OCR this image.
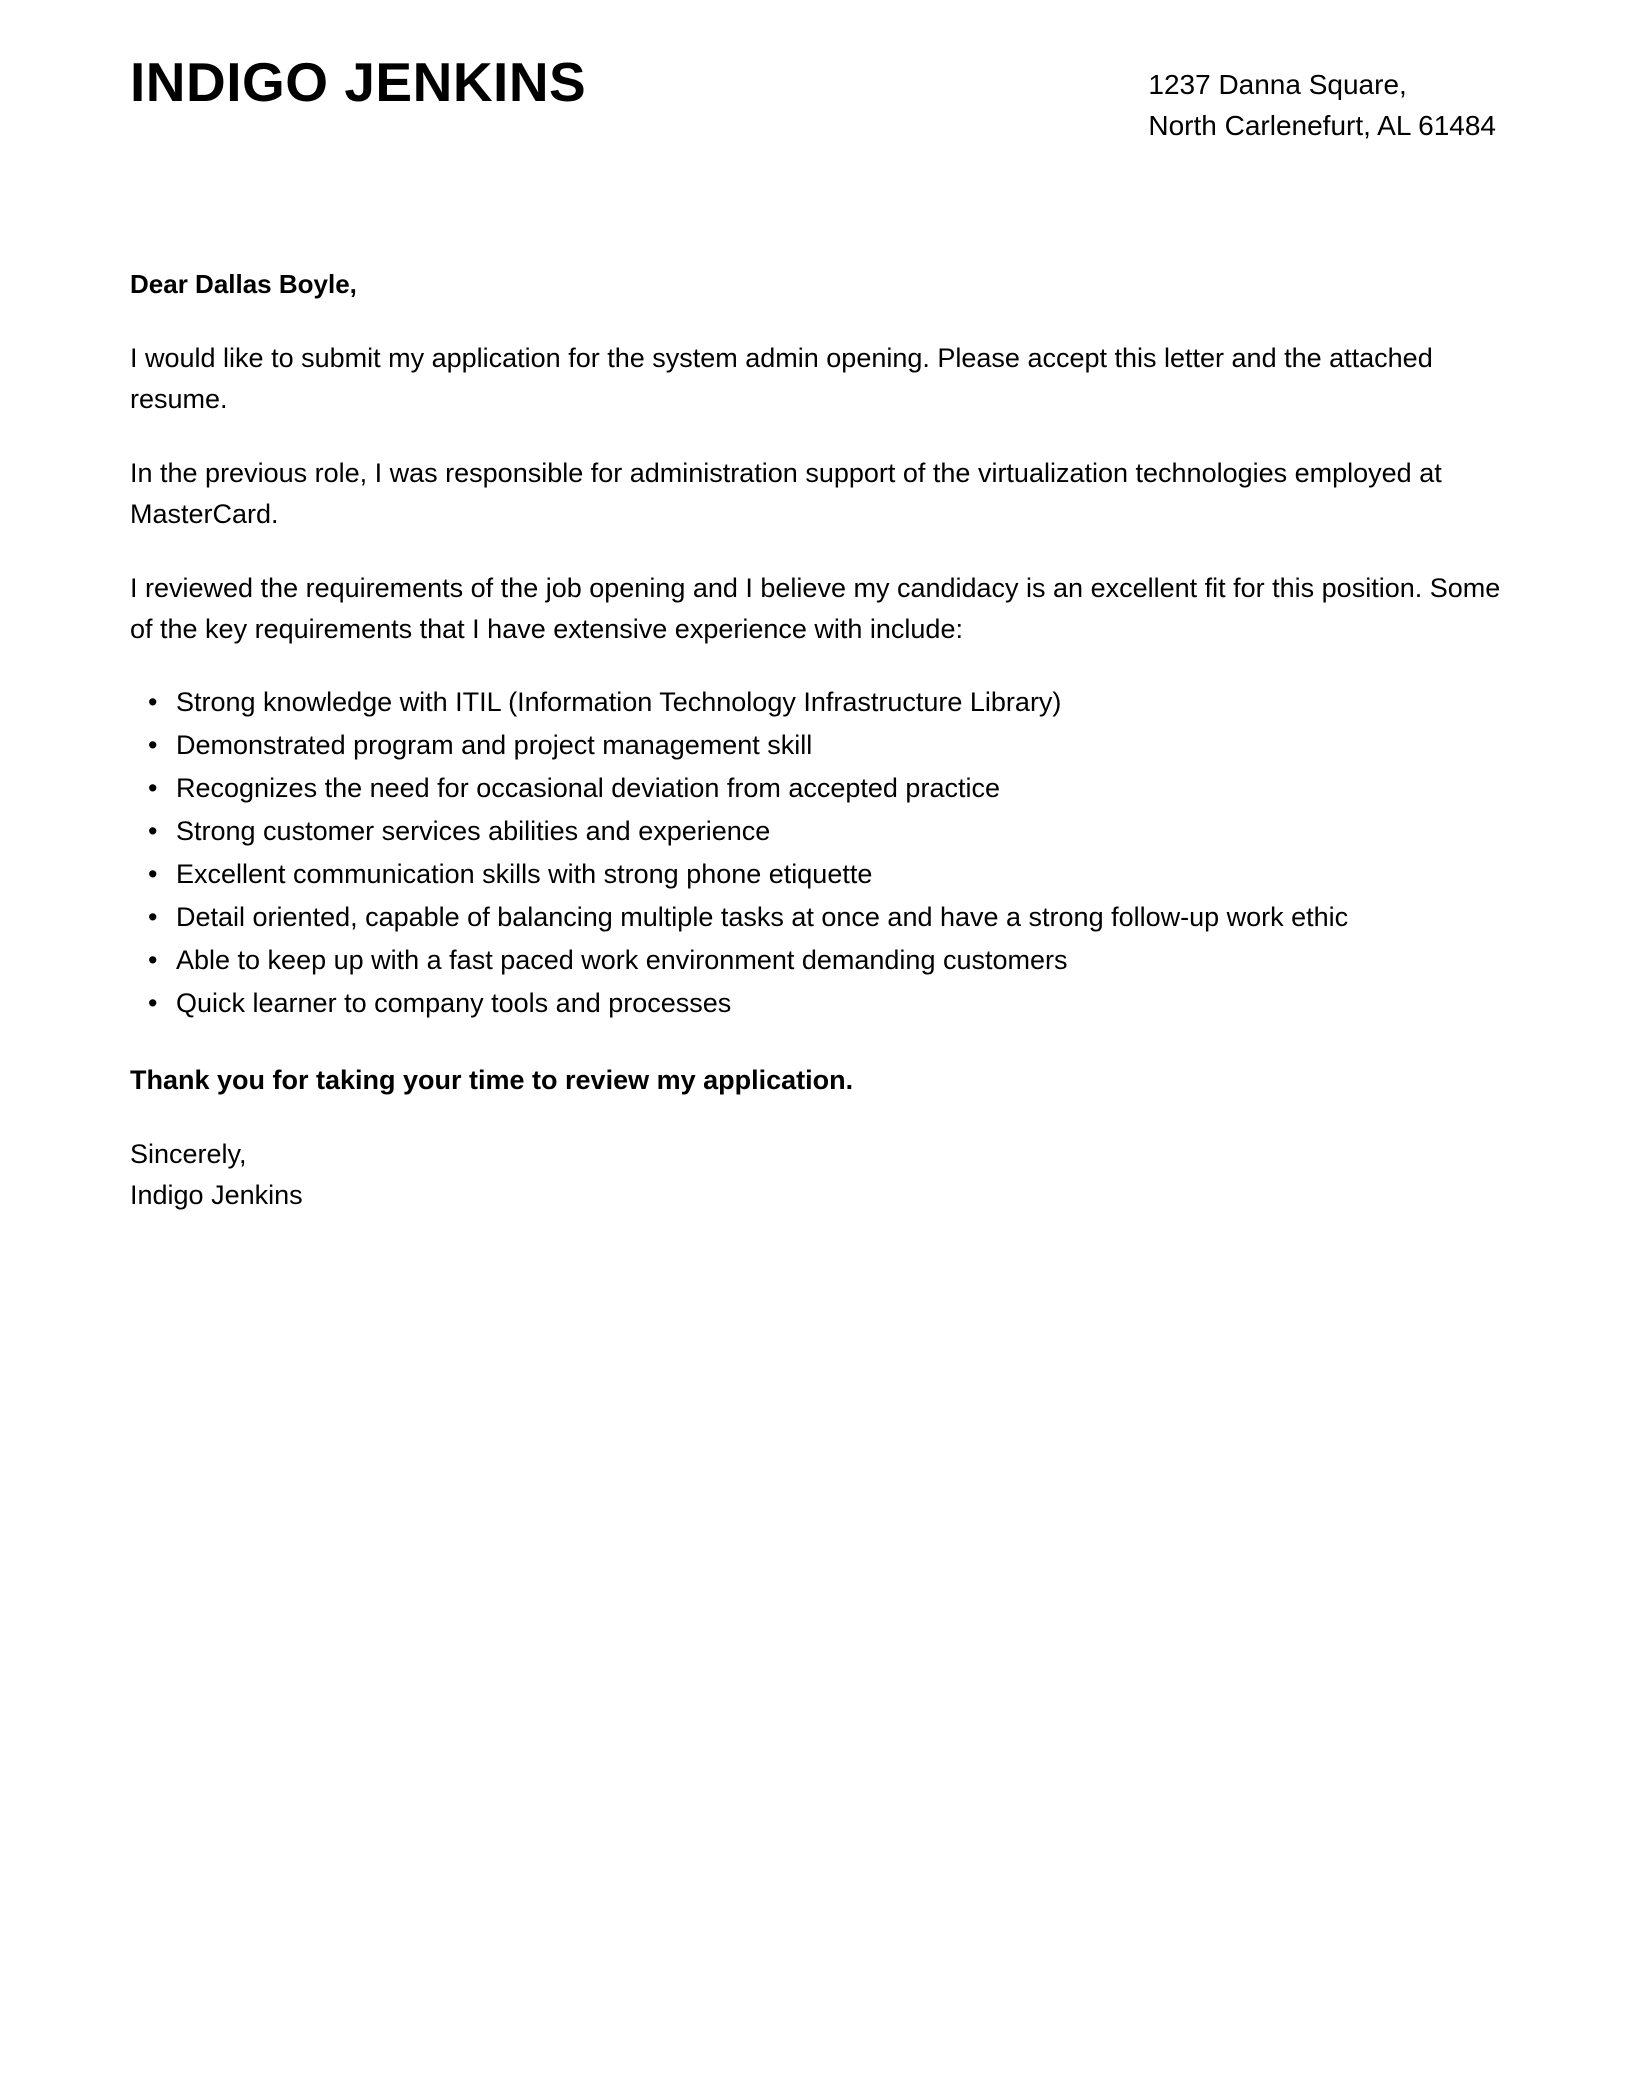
INDIGO JENKINS	1237 Danna Square,
North Carlenefurt, AL 61484

Dear Dallas Boyle,

I would like to submit my application for the system admin opening. Please accept this letter and the attached resume.

In the previous role, I was responsible for administration support of the virtualization technologies employed at MasterCard.

I reviewed the requirements of the job opening and I believe my candidacy is an excellent fit for this position. Some of the key requirements that I have extensive experience with include:

• Strong knowledge with ITIL (Information Technology Infrastructure Library)
• Demonstrated program and project management skill
• Recognizes the need for occasional deviation from accepted practice
• Strong customer services abilities and experience
• Excellent communication skills with strong phone etiquette
• Detail oriented, capable of balancing multiple tasks at once and have a strong follow-up work ethic
• Able to keep up with a fast paced work environment demanding customers
• Quick learner to company tools and processes

Thank you for taking your time to review my application.

Sincerely,
Indigo Jenkins
